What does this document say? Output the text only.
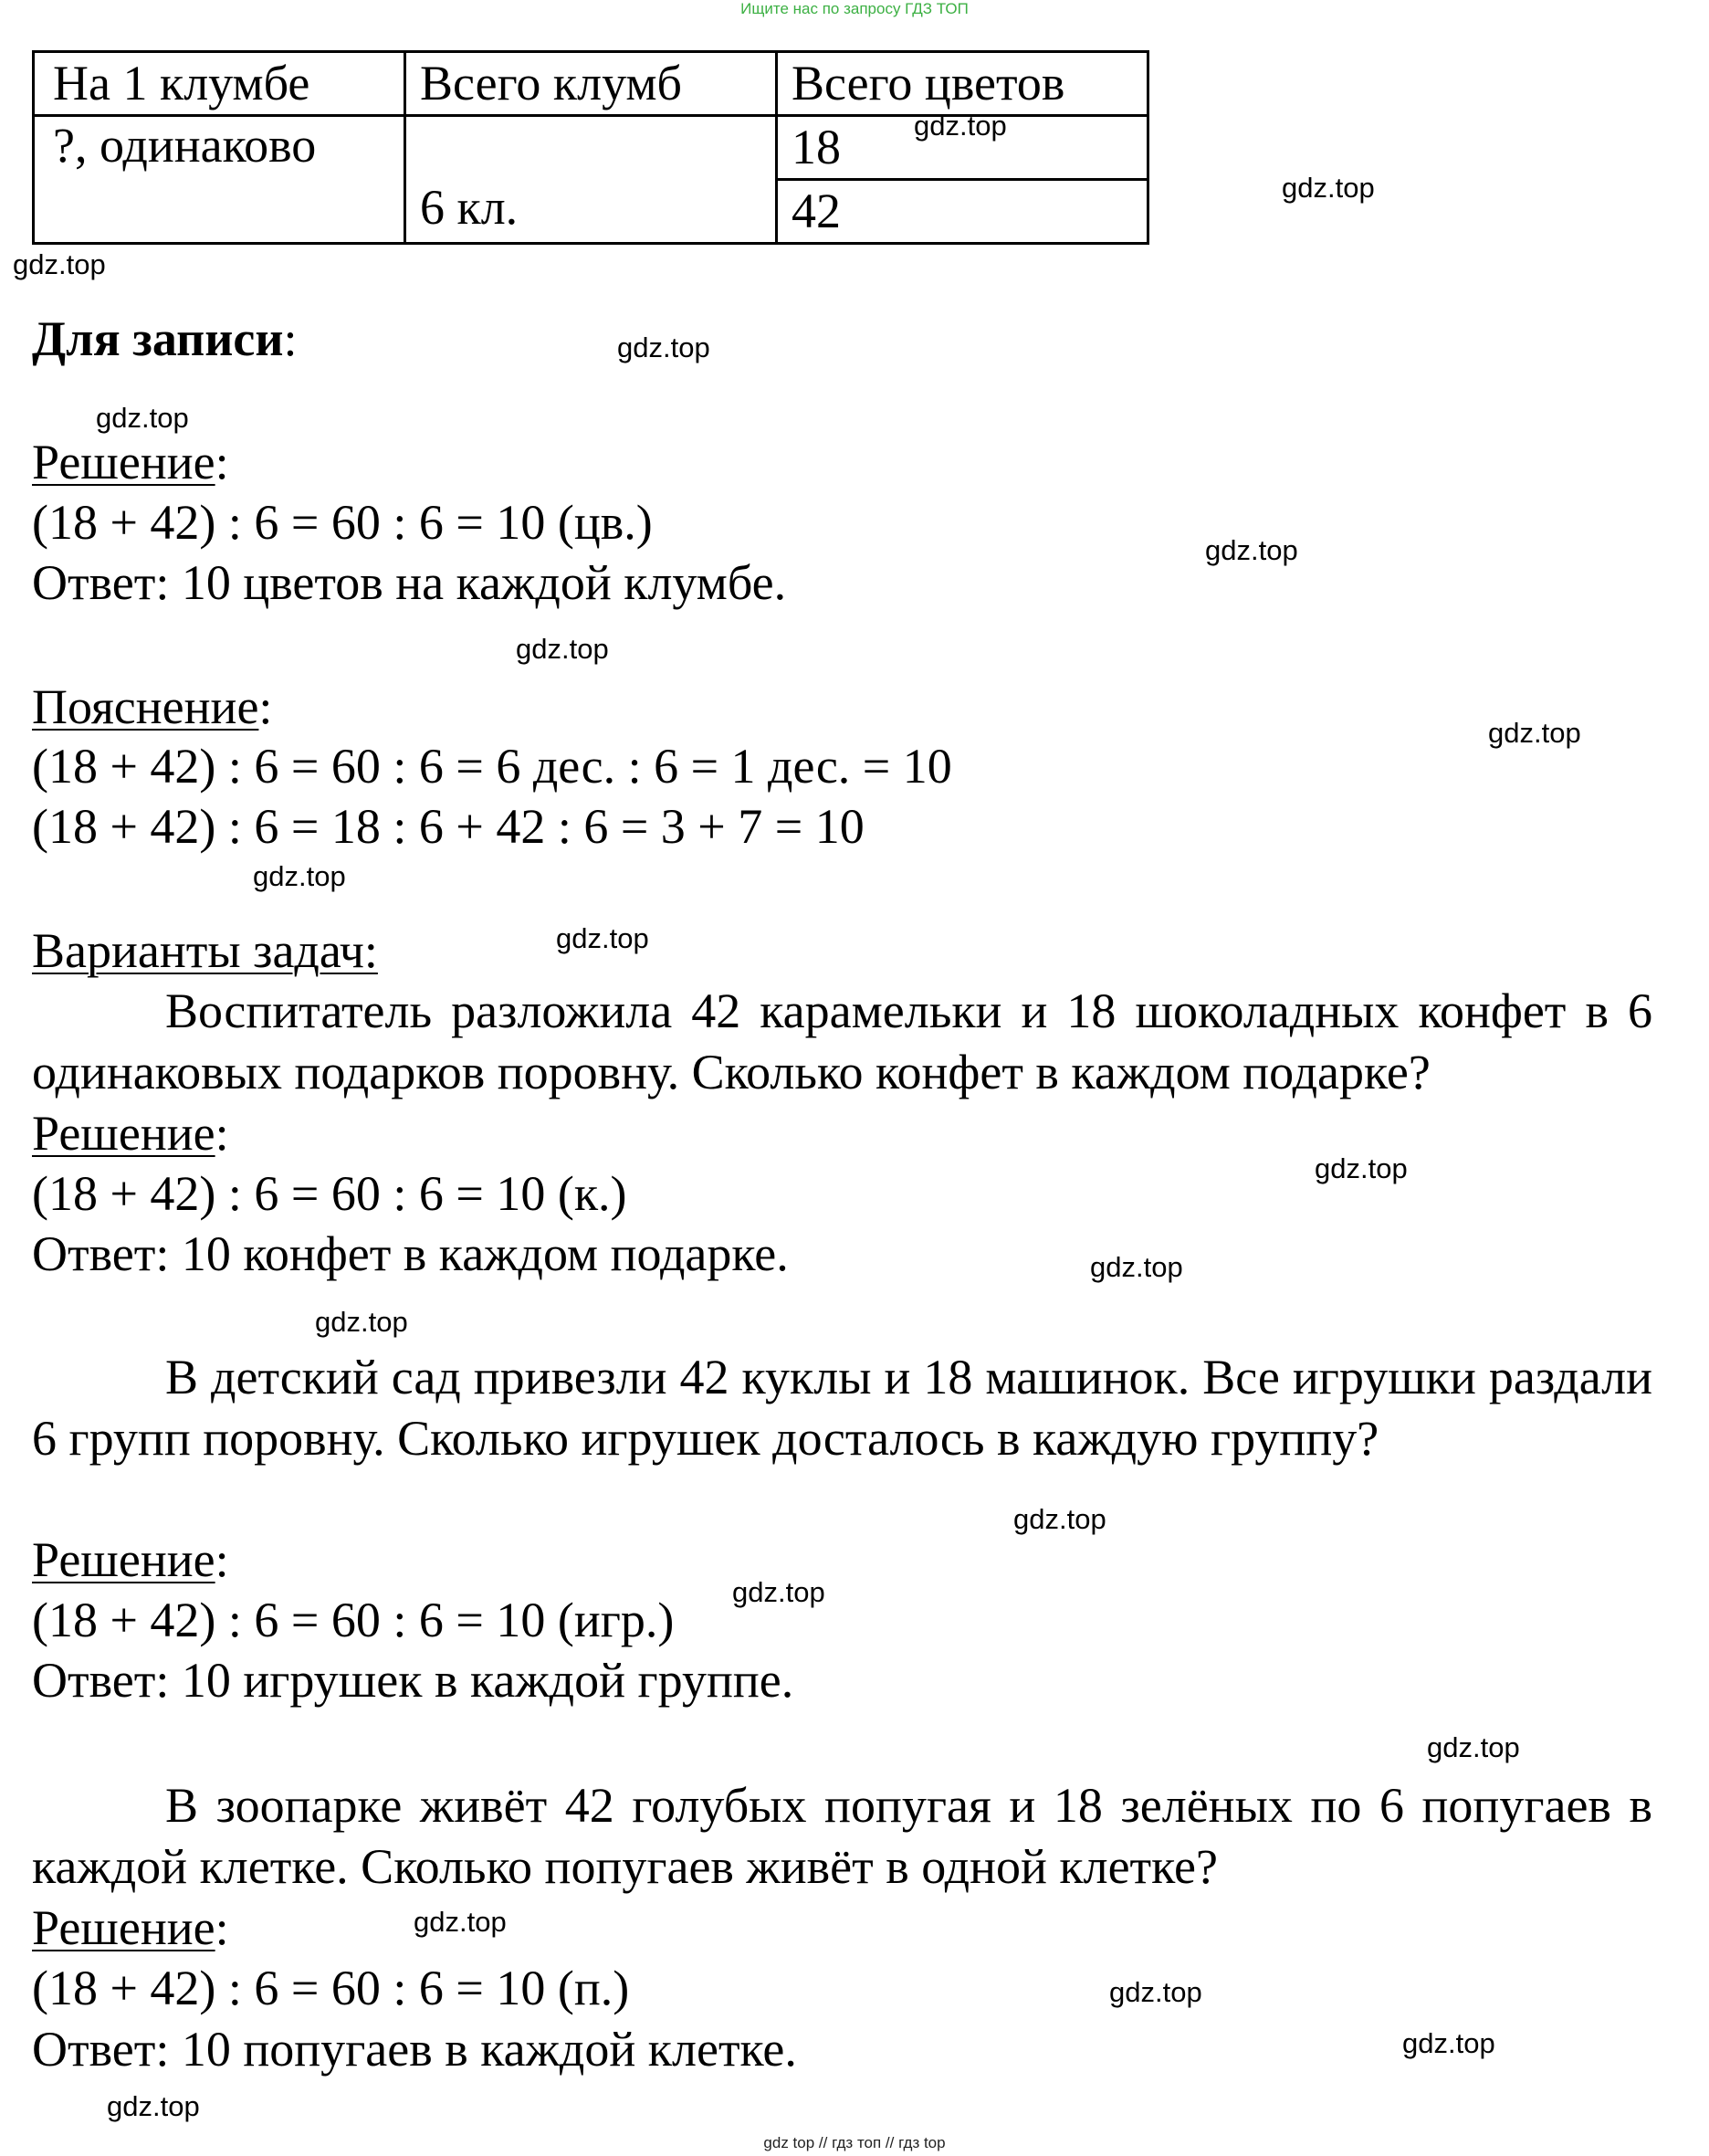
Ищите нас по запросу ГДЗ ТОП
На 1 клумбе Всего клумб Всего цветов
?, одинаково
6 кл.
18
42
Для записи:
Решение:
(18 + 42) : 6 = 60 : 6 = 10 (цв.)
Ответ: 10 цветов на каждой клумбе.
Пояснение:
(18 + 42) : 6 = 60 : 6 = 6 дес. : 6 = 1 дес. = 10
(18 + 42) : 6 = 18 : 6 + 42 : 6 = 3 + 7 = 10
Варианты задач:
Воспитатель разложила 42 карамельки и 18 шоколадных конфет в 6 одинаковых подарков поровну. Сколько конфет в каждом подарке?
Решение:
(18 + 42) : 6 = 60 : 6 = 10 (к.)
Ответ: 10 конфет в каждом подарке.
В детский сад привезли 42 куклы и 18 машинок. Все игрушки раздали 6 групп поровну. Сколько игрушек досталось в каждую группу?
Решение:
(18 + 42) : 6 = 60 : 6 = 10 (игр.)
Ответ: 10 игрушек в каждой группе.
В зоопарке живёт 42 голубых попугая и 18 зелёных по 6 попугаев в каждой клетке. Сколько попугаев живёт в одной клетке?
Решение:
(18 + 42) : 6 = 60 : 6 = 10 (п.)
Ответ: 10 попугаев в каждой клетке.
gdz.top
gdz.top
gdz.top
gdz.top
gdz.top
gdz.top
gdz.top
gdz.top
gdz.top
gdz.top
gdz.top
gdz.top
gdz.top
gdz.top
gdz.top
gdz.top
gdz.top
gdz.top
gdz.top
gdz.top
gdz top // гдз топ // гдз top
